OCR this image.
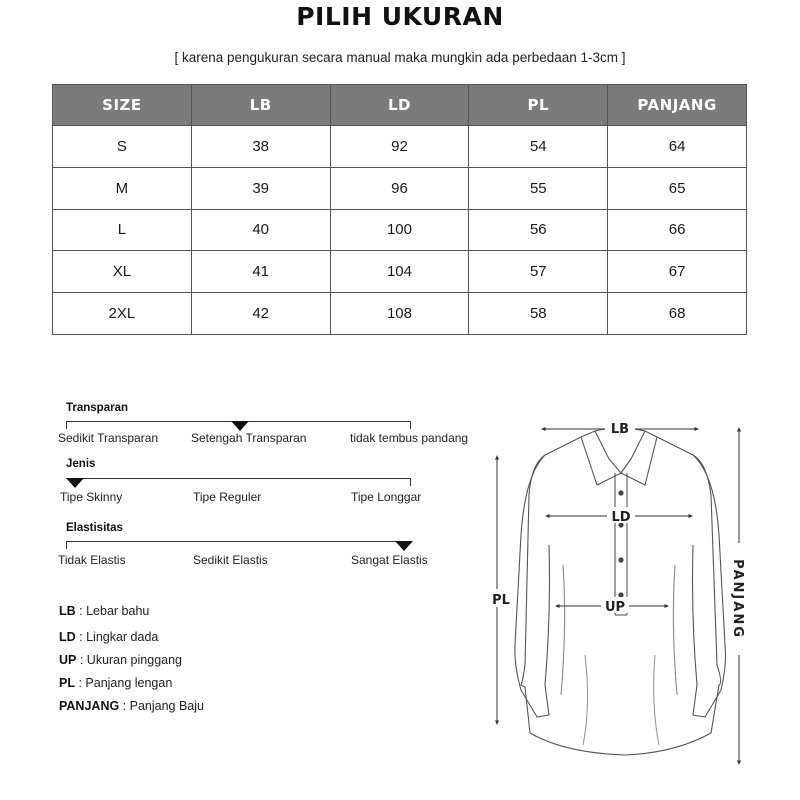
PILIH UKURAN
[ karena pengukuran secara manual maka mungkin ada perbedaan 1-3cm ]
SIZE	LB	LD	PL	PANJANG
S	38	92	54	64
M	39	96	55	65
L	40	100	56	66
XL	41	104	57	67
2XL	42	108	58	68
Transparan
Sedikit Transparan	Setengah Transparan	tidak tembus pandang
Jenis
Tipe Skinny	Tipe Reguler	Tipe Longgar
Elastisitas
Tidak Elastis	Sedikit Elastis	Sangat Elastis
LB : Lebar bahu
LD : Lingkar dada
UP : Ukuran pinggang
PL : Panjang lengan
PANJANG : Panjang Baju
LB
LD
UP
PL	PANJANG
